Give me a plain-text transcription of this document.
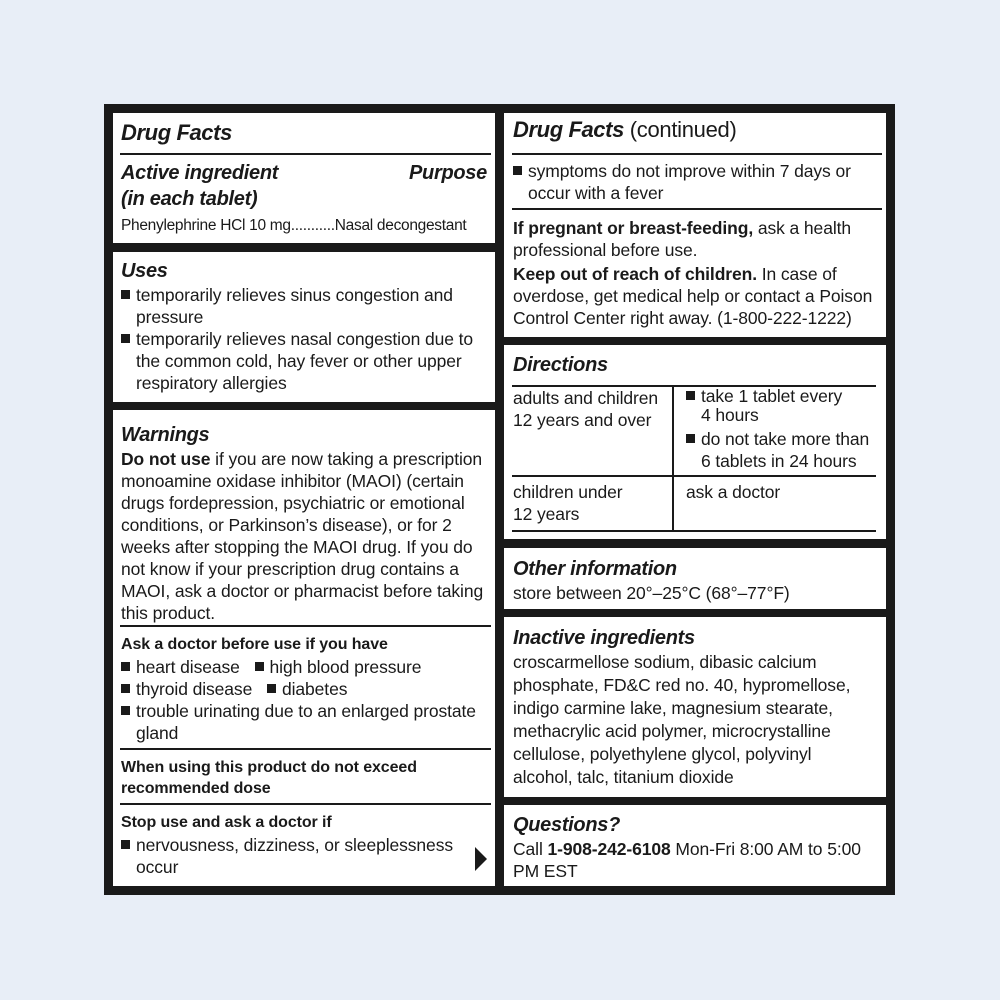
Drug Facts
Active ingredient
(in each tablet)
Purpose
Phenylephrine HCl 10 mg...........Nasal decongestant
Uses
temporarily relieves sinus congestion and
pressure
temporarily relieves nasal congestion due to
the common cold, hay fever or other upper
respiratory allergies
Warnings
Do not use if you are now taking a prescription
monoamine oxidase inhibitor (MAOI) (certain
drugs fordepression, psychiatric or emotional
conditions, or Parkinson’s disease), or for 2
weeks after stopping the MAOI drug. If you do
not know if your prescription drug contains a
MAOI, ask a doctor or pharmacist before taking
this product.
Ask a doctor before use if you have
heart disease high blood pressure
thyroid disease diabetes
trouble urinating due to an enlarged prostate
gland
When using this product do not exceed
recommended dose
Stop use and ask a doctor if
nervousness, dizziness, or sleeplessness
occur
Drug Facts (continued)
symptoms do not improve within 7 days or
occur with a fever
If pregnant or breast-feeding, ask a health
professional before use.
Keep out of reach of children. In case of
overdose, get medical help or contact a Poison
Control Center right away. (1-800-222-1222)
Directions
adults and children
12 years and over
take 1 tablet every
4 hours
do not take more than
6 tablets in 24 hours
children under
12 years
ask a doctor
Other information
store between 20°–25°C (68°–77°F)
Inactive ingredients
croscarmellose sodium, dibasic calcium
phosphate, FD&C red no. 40, hypromellose,
indigo carmine lake, magnesium stearate,
methacrylic acid polymer, microcrystalline
cellulose, polyethylene glycol, polyvinyl
alcohol, talc, titanium dioxide
Questions?
Call 1-908-242-6108 Mon-Fri 8:00 AM to 5:00
PM EST
